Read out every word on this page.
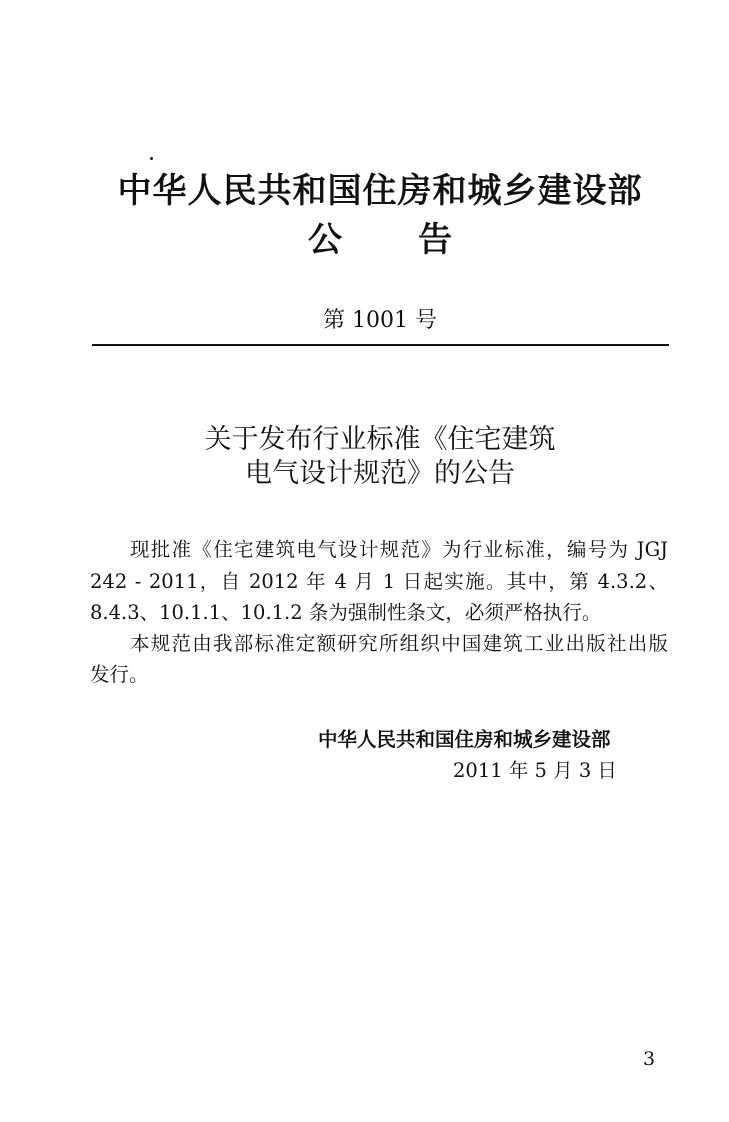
中华人民共和国住房和城乡建设部
公 告
第 1001 号
关于发布行业标准《住宅建筑
电气设计规范》的公告
现批准《住宅建筑电气设计规范》为行业标准，编号为 JGJ
242 - 2011，自 2012 年 4 月 1 日起实施。其中，第 4.3.2、
8.4.3、10.1.1、10.1.2 条为强制性条文，必须严格执行。
本规范由我部标准定额研究所组织中国建筑工业出版社出版
发行。
中华人民共和国住房和城乡建设部
2011 年 5 月 3 日
3
